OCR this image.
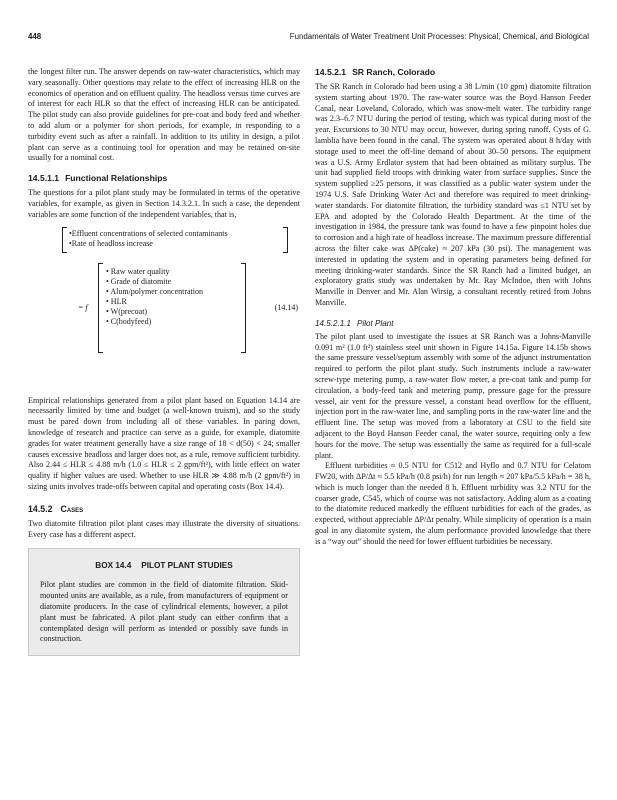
448	Fundamentals of Water Treatment Unit Processes: Physical, Chemical, and Biological

the longest filter run. The answer depends on raw-water characteristics, which may vary seasonally. Other questions may relate to the effect of increasing HLR on the economics of operation and on effluent quality. The headloss versus time curves are of interest for each HLR so that the effect of increasing HLR can be anticipated. The pilot study can also provide guidelines for pre-coat and body feed and whether to add alum or a polymer for short periods, for example, in responding to a turbidity event such as after a rainfall. In addition to its utility in design, a pilot plant can serve as a continuing tool for operation and may be retained on-site usually for a nominal cost.

14.5.1.1 Functional Relationships

The questions for a pilot plant study may be formulated in terms of the operative variables, for example, as given in Section 14.3.2.1. In such a case, the dependent variables are some function of the independent variables, that is,

•Effluent concentrations of selected contaminants
•Rate of headloss increase
= f
• Raw water quality
• Grade of diatomite
• Alum/polymer concentration
• HLR
• W(precoat)
• C(bodyfeed)
(14.14)

Empirical relationships generated from a pilot plant based on Equation 14.14 are necessarily limited by time and budget (a well-known truism), and so the study must be pared down from including all of these variables. In paring down, knowledge of research and practice can serve as a guide, for example, diatomite grades for water treatment generally have a size range of 18 < d(50) < 24; smaller causes excessive headloss and larger does not, as a rule, remove sufficient turbidity. Also 2.44 ≤ HLR ≤ 4.88 m/h (1.0 ≤ HLR ≤ 2 gpm/ft²), with little effect on water quality if higher values are used. Whether to use HLR ≫ 4.88 m/h (2 gpm/ft²) in sizing units involves trade-offs between capital and operating costs (Box 14.4).

14.5.2 Cases

Two diatomite filtration pilot plant cases may illustrate the diversity of situations. Every case has a different aspect.

BOX 14.4 PILOT PLANT STUDIES

Pilot plant studies are common in the field of diatomite filtration. Skid-mounted units are available, as a rule, from manufacturers of equipment or diatomite producers. In the case of cylindrical elements, however, a pilot plant must be fabricated. A pilot plant study can either confirm that a contemplated design will perform as intended or possibly save funds in construction.

14.5.2.1 SR Ranch, Colorado

The SR Ranch in Colorado had been using a 38 L/min (10 gpm) diatomite filtration system starting about 1970. The raw-water source was the Boyd Hanson Feeder Canal, near Loveland, Colorado, which was snow-melt water. The turbidity range was 2.3–6.7 NTU during the period of testing, which was typical during most of the year. Excursions to 30 NTU may occur, however, during spring runoff. Cysts of G. lamblia have been found in the canal. The system was operated about 8 h/day with storage used to meet the off-line demand of about 30–50 persons. The equipment was a U.S. Army Erdlator system that had been obtained as military surplus. The unit had supplied field troops with drinking water from surface supplies. Since the system supplied ≥25 persons, it was classified as a public water system under the 1974 U.S. Safe Drinking Water Act and therefore was required to meet drinking-water standards. For diatomite filtration, the turbidity standard was ≤1 NTU set by EPA and adopted by the Colorado Health Department. At the time of the investigation in 1984, the pressure tank was found to have a few pinpoint holes due to corrosion and a high rate of headloss increase. The maximum pressure differential across the filter cake was ΔP(cake) ≈ 207 kPa (30 psi). The management was interested in updating the system and in operating parameters being defined for meeting drinking-water standards. Since the SR Ranch had a limited budget, an exploratory gratis study was undertaken by Mr. Ray McIndoe, then with Johns Manville in Denver and Mr. Alan Wirsig, a consultant recently retired from Johns Manville.

14.5.2.1.1 Pilot Plant

The pilot plant used to investigate the issues at SR Ranch was a Johns-Manville 0.091 m² (1.0 ft²) stainless steel unit shown in Figure 14.15a. Figure 14.15b shows the same pressure vessel/septum assembly with some of the adjunct instrumentation required to perform the pilot plant study. Such instruments include a raw-water screw-type metering pump, a raw-water flow meter, a pre-coat tank and pump for circulation, a body-feed tank and metering pump, pressure gage for the pressure vessel, air vent for the pressure vessel, a constant head overflow for the effluent, injection port in the raw-water line, and sampling ports in the raw-water line and the effluent line. The setup was moved from a laboratory at CSU to the field site adjacent to the Boyd Hanson Feeder canal, the water source, requiring only a few hours for the move. The setup was essentially the same as required for a full-scale plant.

Effluent turbidities ≈ 0.5 NTU for C512 and Hyflo and 0.7 NTU for Celatom FW20, with ΔP/Δt ≈ 5.5 kPa/h (0.8 psi/h) for run length ≈ 207 kPa/5.5 kPa/h = 38 h, which is much longer than the needed 8 h. Effluent turbidity was 3.2 NTU for the coarser grade, C545, which of course was not satisfactory. Adding alum as a coating to the diatomite reduced markedly the effluent turbidities for each of the grades, as expected, without appreciable ΔP/Δt penalty. While simplicity of operation is a main goal in any diatomite system, the alum performance provided knowledge that there is a “way out” should the need for lower effluent turbidities be necessary.
